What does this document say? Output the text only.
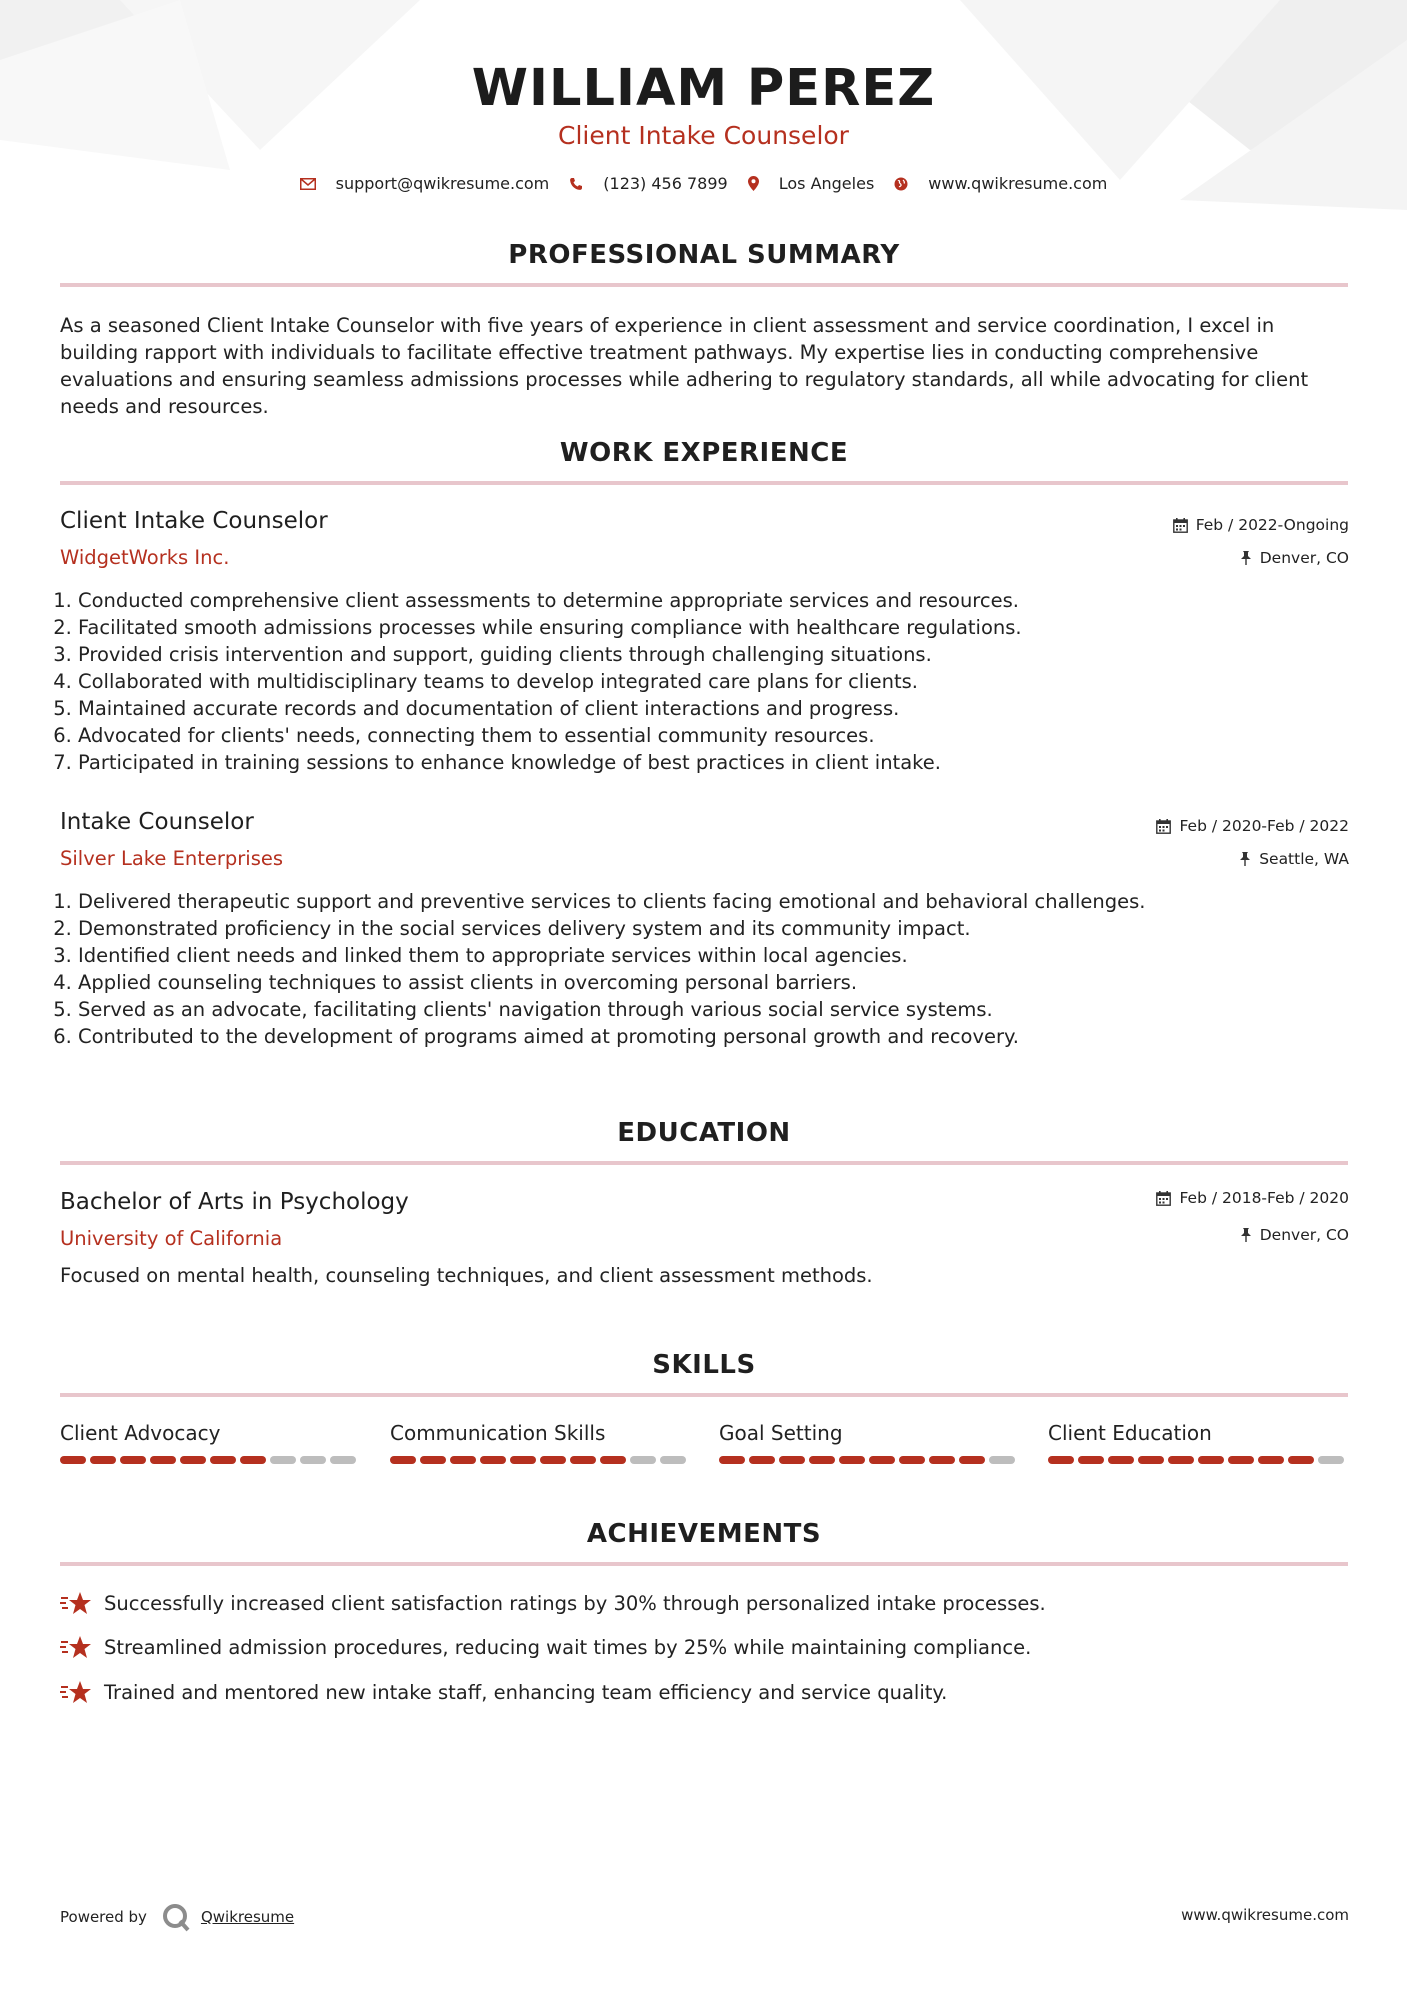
WILLIAM PEREZ
Client Intake Counselor
support@qwikresume.com	(123) 456 7899	Los Angeles	www.qwikresume.com
PROFESSIONAL SUMMARY
As a seasoned Client Intake Counselor with five years of experience in client assessment and service coordination, I excel in building rapport with individuals to facilitate effective treatment pathways. My expertise lies in conducting comprehensive evaluations and ensuring seamless admissions processes while adhering to regulatory standards, all while advocating for client needs and resources.
WORK EXPERIENCE
Client Intake Counselor	Feb / 2022-Ongoing
WidgetWorks Inc.	Denver, CO
1. Conducted comprehensive client assessments to determine appropriate services and resources.
2. Facilitated smooth admissions processes while ensuring compliance with healthcare regulations.
3. Provided crisis intervention and support, guiding clients through challenging situations.
4. Collaborated with multidisciplinary teams to develop integrated care plans for clients.
5. Maintained accurate records and documentation of client interactions and progress.
6. Advocated for clients' needs, connecting them to essential community resources.
7. Participated in training sessions to enhance knowledge of best practices in client intake.
Intake Counselor	Feb / 2020-Feb / 2022
Silver Lake Enterprises	Seattle, WA
1. Delivered therapeutic support and preventive services to clients facing emotional and behavioral challenges.
2. Demonstrated proficiency in the social services delivery system and its community impact.
3. Identified client needs and linked them to appropriate services within local agencies.
4. Applied counseling techniques to assist clients in overcoming personal barriers.
5. Served as an advocate, facilitating clients' navigation through various social service systems.
6. Contributed to the development of programs aimed at promoting personal growth and recovery.
EDUCATION
Bachelor of Arts in Psychology	Feb / 2018-Feb / 2020
University of California	Denver, CO
Focused on mental health, counseling techniques, and client assessment methods.
SKILLS
Client Advocacy	Communication Skills	Goal Setting	Client Education
ACHIEVEMENTS
Successfully increased client satisfaction ratings by 30% through personalized intake processes.
Streamlined admission procedures, reducing wait times by 25% while maintaining compliance.
Trained and mentored new intake staff, enhancing team efficiency and service quality.
Powered by	Qwikresume	www.qwikresume.com
